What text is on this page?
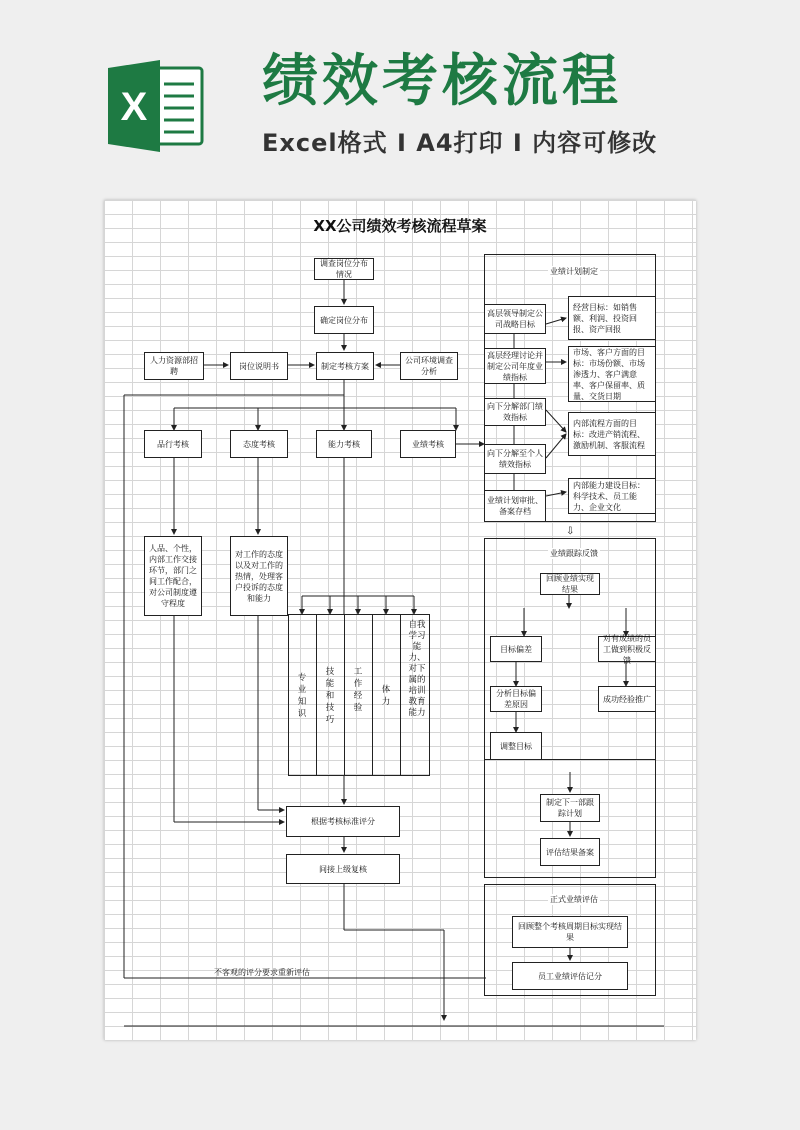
X 绩效考核流程
Excel格式 Ⅰ A4打印 Ⅰ 内容可修改
XX公司绩效考核流程草案
调查岗位分布情况
确定岗位分布
人力资源部招聘
岗位说明书	制定考核方案
公司环境调查分析
品行考核	态度考核	能力考核	业绩考核
人品、个性，内部工作交接环节，部门之间工作配合，对公司制度遵守程度
对工作的态度以及对工作的热情，处理客户投诉的态度和能力
专业知识
技能和技巧
工作经验
体力
自我学习能力、对下属的培训教育能力
根据考核标准评分
间接上级复核
不客观的评分要求重新评估
业绩计划制定
高层领导制定公司战略目标
高层经理讨论并制定公司年度业绩指标
向下分解部门绩效指标
向下分解至个人绩效指标
业绩计划审批、备案存档
经营目标：如销售额、利润、投资回报、资产回报
市场、客户方面的目标：市场份额、市场渗透力、客户满意率、客户保留率、质量、交货日期
内部流程方面的目标：改进产销流程、激励机制、客服流程
内部能力建设目标：科学技术、员工能力、企业文化
⇩
业绩跟踪反馈
回顾业绩实现结果
目标偏差
对有成绩的员工做到积极反馈
分析目标偏差原因
成功经验推广
调整目标
制定下一部跟踪计划
评估结果备案
正式业绩评估
回顾整个考核周期目标实现结果
员工业绩评估记分
